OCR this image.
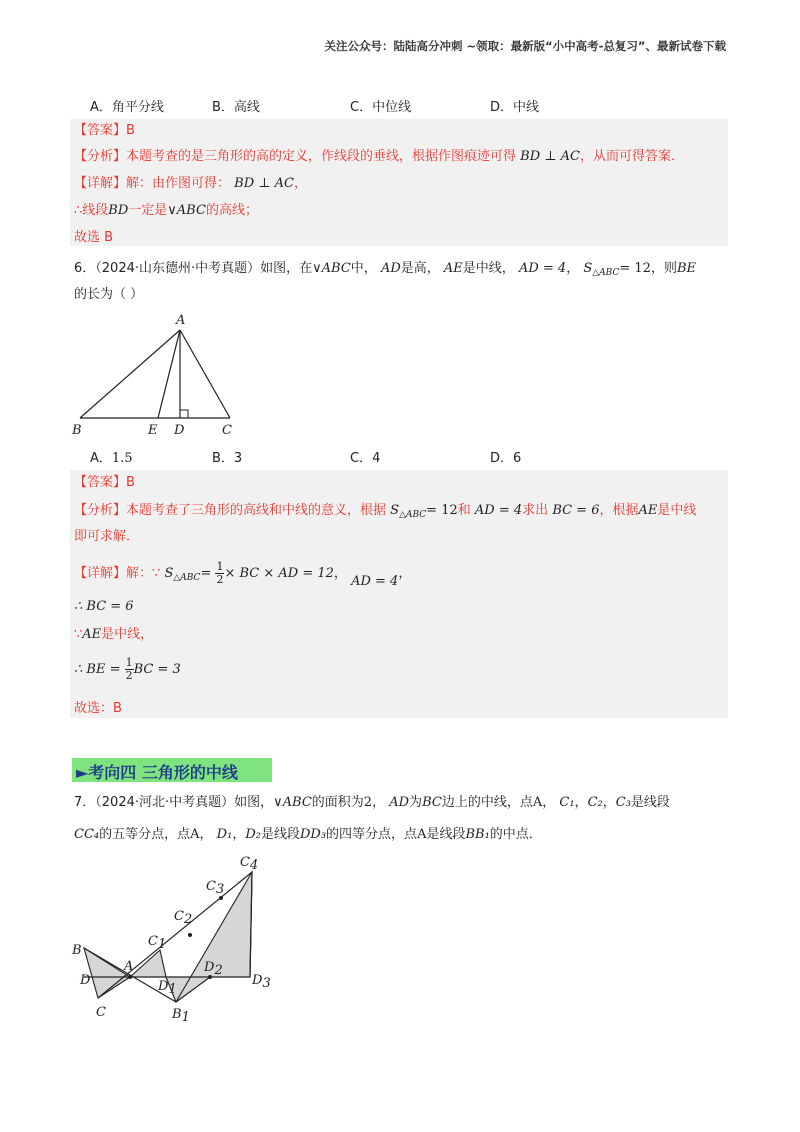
关注公众号：陆陆高分冲刺 ~领取：最新版“小中高考-总复习”、最新试卷下载
A．角平分线	B．高线	C．中位线	D．中线
【答案】B
【分析】本题考查的是三角形的高的定义，作线段的垂线，根据作图痕迹可得 BD ⊥ AC，从而可得答案．
【详解】解：由作图可得： BD ⊥ AC，
∴线段BD一定是∨ABC的高线；
故选 B
6．（2024·山东德州·中考真题）如图，在∨ABC中， AD是高， AE是中线， AD = 4， $S_{\triangle ABC}= 12$，则BE
的长为（ ）
A
B	E D	C
A．1.5	B．3	C．4	D．6
【答案】B
【分析】本题考查了三角形的高线和中线的意义，根据 $S_{\triangle ABC}= 12$和 AD = 4求出 BC = 6，根据AE是中线
即可求解．
【详解】解：∵ $S_{\triangle ABC}= \frac{1}{2}$ × BC × AD = 12， AD = 4，
∴ BC = 6
∵AE是中线，
∴ BE = $\frac{1}{2}$ BC = 3
故选：B
►考向四 三角形的中线
7．（2024·河北·中考真题）如图，∨ABC的面积为2， AD为BC边上的中线，点A， C₁，C₂，C₃是线段
CC₄的五等分点，点A， D₁，D₂是线段DD₃的四等分点，点A是线段BB₁的中点．
B
D
C
A
C1
C2
C3
C4
D1
D2
D3
B1
